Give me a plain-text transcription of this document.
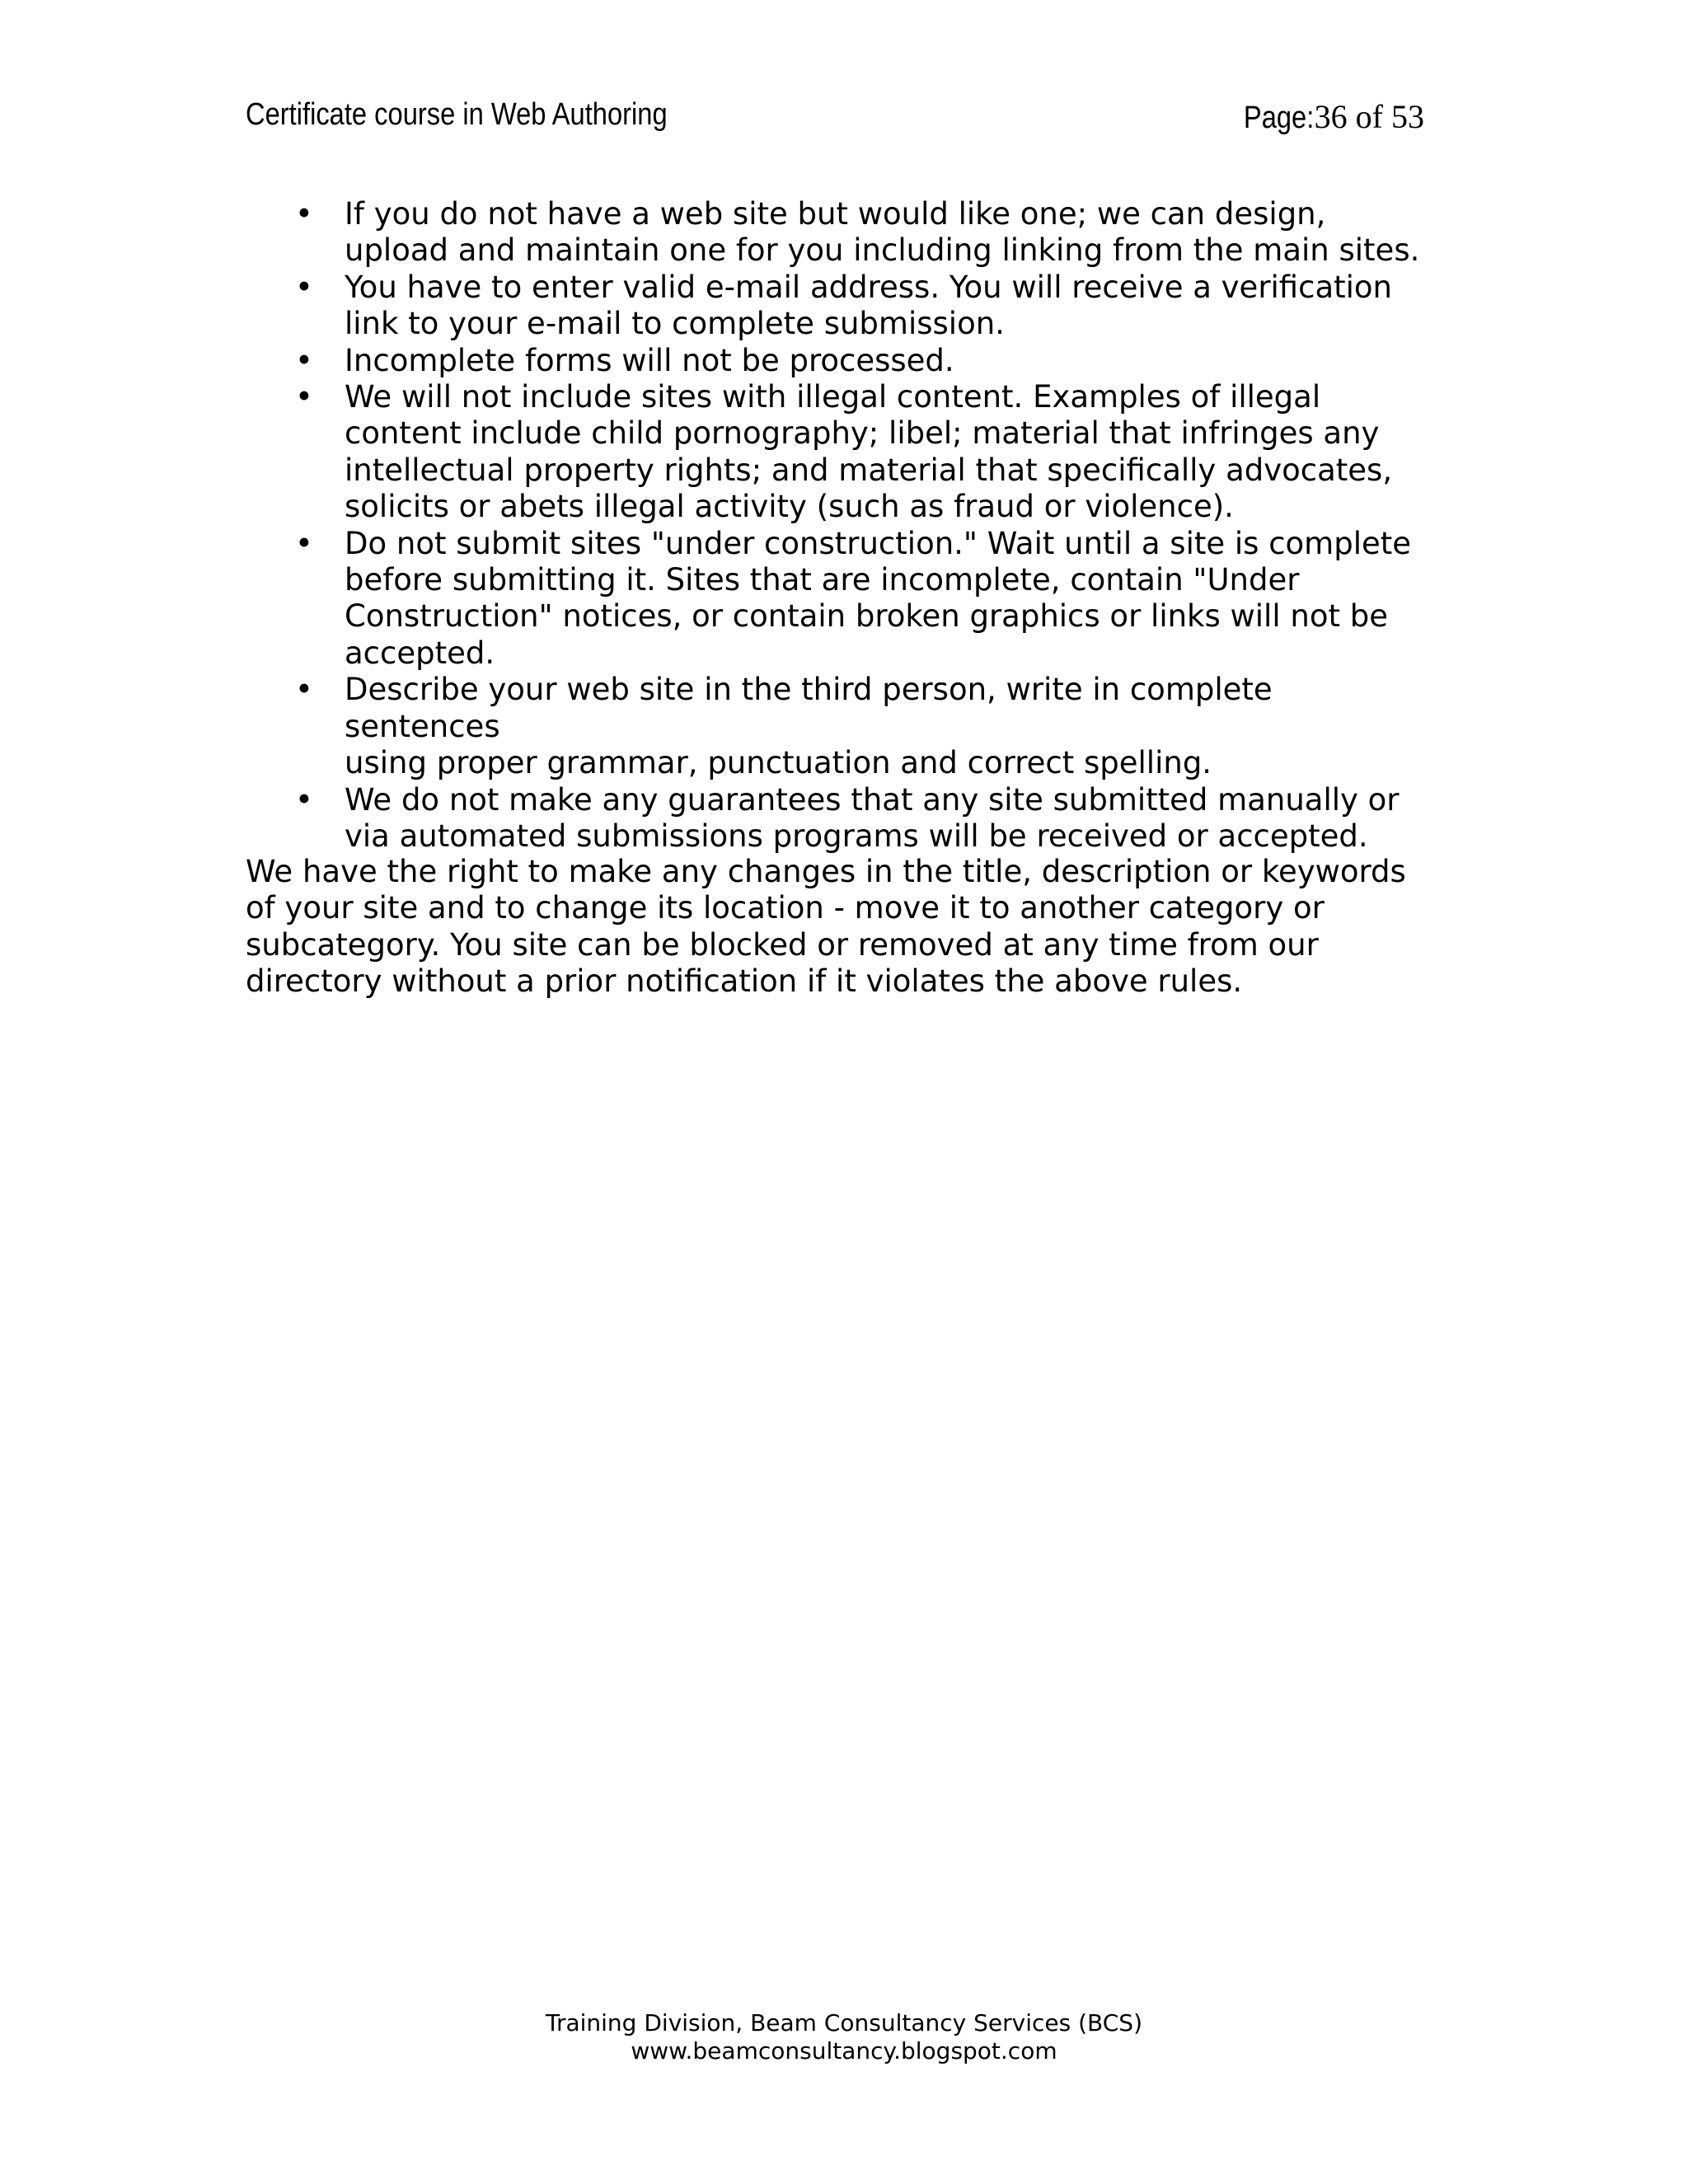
Certificate course in Web Authoring	Page:36 of 53
• If you do not have a web site but would like one; we can design,
upload and maintain one for you including linking from the main sites.
• You have to enter valid e-mail address. You will receive a verification
link to your e-mail to complete submission.
• Incomplete forms will not be processed.
• We will not include sites with illegal content. Examples of illegal
content include child pornography; libel; material that infringes any
intellectual property rights; and material that specifically advocates,
solicits or abets illegal activity (such as fraud or violence).
• Do not submit sites "under construction." Wait until a site is complete
before submitting it. Sites that are incomplete, contain "Under
Construction" notices, or contain broken graphics or links will not be
accepted.
• Describe your web site in the third person, write in complete sentences
using proper grammar, punctuation and correct spelling.
• We do not make any guarantees that any site submitted manually or
via automated submissions programs will be received or accepted.

We have the right to make any changes in the title, description or keywords
of your site and to change its location - move it to another category or
subcategory. You site can be blocked or removed at any time from our
directory without a prior notification if it violates the above rules.

Training Division, Beam Consultancy Services (BCS)
www.beamconsultancy.blogspot.com
